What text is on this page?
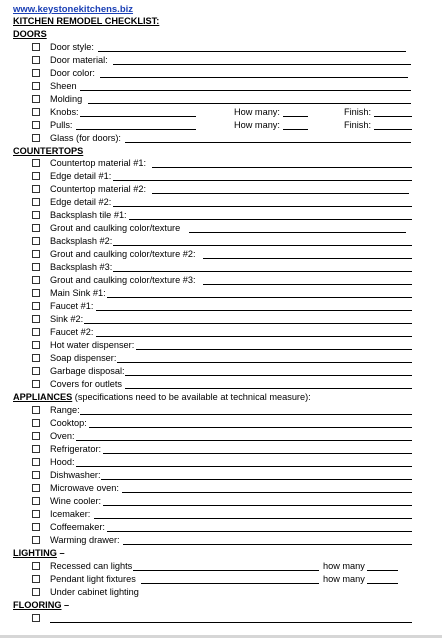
www.keystonekitchens.biz
KITCHEN REMODEL CHECKLIST:
DOORS
Door style:
Door material:
Door color:
Sheen
Molding
Knobs:	How many:	Finish:
Pulls:	How many:	Finish:
Glass (for doors):
COUNTERTOPS
Countertop material #1:
Edge detail #1:
Countertop material #2:
Edge detail #2:
Backsplash tile #1:
Grout and caulking color/texture
Backsplash #2:
Grout and caulking color/texture #2:
Backsplash #3:
Grout and caulking color/texture #3:
Main Sink #1:
Faucet #1:
Sink #2:
Faucet #2:
Hot water dispenser:
Soap dispenser:
Garbage disposal:
Covers for outlets
APPLIANCES (specifications need to be available at technical measure):
Range:
Cooktop:
Oven:
Refrigerator:
Hood:
Dishwasher:
Microwave oven:
Wine cooler:
Icemaker:
Coffeemaker:
Warming drawer:
LIGHTING –
Recessed can lights	how many
Pendant light fixtures	how many
Under cabinet lighting
FLOORING –
